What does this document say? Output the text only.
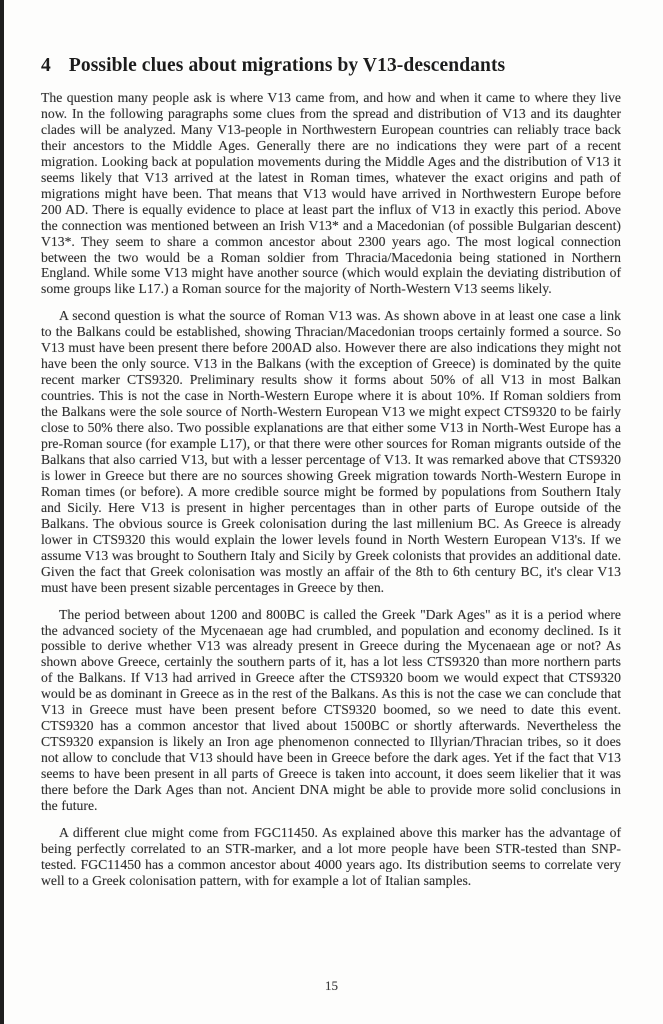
4 Possible clues about migrations by V13-descendants

The question many people ask is where V13 came from, and how and when it came to where they live now. In the following paragraphs some clues from the spread and distribution of V13 and its daughter clades will be analyzed. Many V13-people in Northwestern European countries can reliably trace back their ancestors to the Middle Ages. Generally there are no indications they were part of a recent migration. Looking back at population movements during the Middle Ages and the distribution of V13 it seems likely that V13 arrived at the latest in Roman times, whatever the exact origins and path of migrations might have been. That means that V13 would have arrived in Northwestern Europe before 200 AD. There is equally evidence to place at least part the influx of V13 in exactly this period. Above the connection was mentioned between an Irish V13* and a Macedonian (of possible Bulgarian descent) V13*. They seem to share a common ancestor about 2300 years ago. The most logical connection between the two would be a Roman soldier from Thracia/Macedonia being stationed in Northern England. While some V13 might have another source (which would explain the deviating distribution of some groups like L17.) a Roman source for the majority of North-Western V13 seems likely.

A second question is what the source of Roman V13 was. As shown above in at least one case a link to the Balkans could be established, showing Thracian/Macedonian troops certainly formed a source. So V13 must have been present there before 200AD also. However there are also indications they might not have been the only source. V13 in the Balkans (with the exception of Greece) is dominated by the quite recent marker CTS9320. Preliminary results show it forms about 50% of all V13 in most Balkan countries. This is not the case in North-Western Europe where it is about 10%. If Roman soldiers from the Balkans were the sole source of North-Western European V13 we might expect CTS9320 to be fairly close to 50% there also. Two possible explanations are that either some V13 in North-West Europe has a pre-Roman source (for example L17), or that there were other sources for Roman migrants outside of the Balkans that also carried V13, but with a lesser percentage of V13. It was remarked above that CTS9320 is lower in Greece but there are no sources showing Greek migration towards North-Western Europe in Roman times (or before). A more credible source might be formed by populations from Southern Italy and Sicily. Here V13 is present in higher percentages than in other parts of Europe outside of the Balkans. The obvious source is Greek colonisation during the last millenium BC. As Greece is already lower in CTS9320 this would explain the lower levels found in North Western European V13's. If we assume V13 was brought to Southern Italy and Sicily by Greek colonists that provides an additional date. Given the fact that Greek colonisation was mostly an affair of the 8th to 6th century BC, it's clear V13 must have been present sizable percentages in Greece by then.

The period between about 1200 and 800BC is called the Greek "Dark Ages" as it is a period where the advanced society of the Mycenaean age had crumbled, and population and economy declined. Is it possible to derive whether V13 was already present in Greece during the Mycenaean age or not? As shown above Greece, certainly the southern parts of it, has a lot less CTS9320 than more northern parts of the Balkans. If V13 had arrived in Greece after the CTS9320 boom we would expect that CTS9320 would be as dominant in Greece as in the rest of the Balkans. As this is not the case we can conclude that V13 in Greece must have been present before CTS9320 boomed, so we need to date this event. CTS9320 has a common ancestor that lived about 1500BC or shortly afterwards. Nevertheless the CTS9320 expansion is likely an Iron age phenomenon connected to Illyrian/Thracian tribes, so it does not allow to conclude that V13 should have been in Greece before the dark ages. Yet if the fact that V13 seems to have been present in all parts of Greece is taken into account, it does seem likelier that it was there before the Dark Ages than not. Ancient DNA might be able to provide more solid conclusions in the future.

A different clue might come from FGC11450. As explained above this marker has the advantage of being perfectly correlated to an STR-marker, and a lot more people have been STR-tested than SNP-tested. FGC11450 has a common ancestor about 4000 years ago. Its distribution seems to correlate very well to a Greek colonisation pattern, with for example a lot of Italian samples.

15
